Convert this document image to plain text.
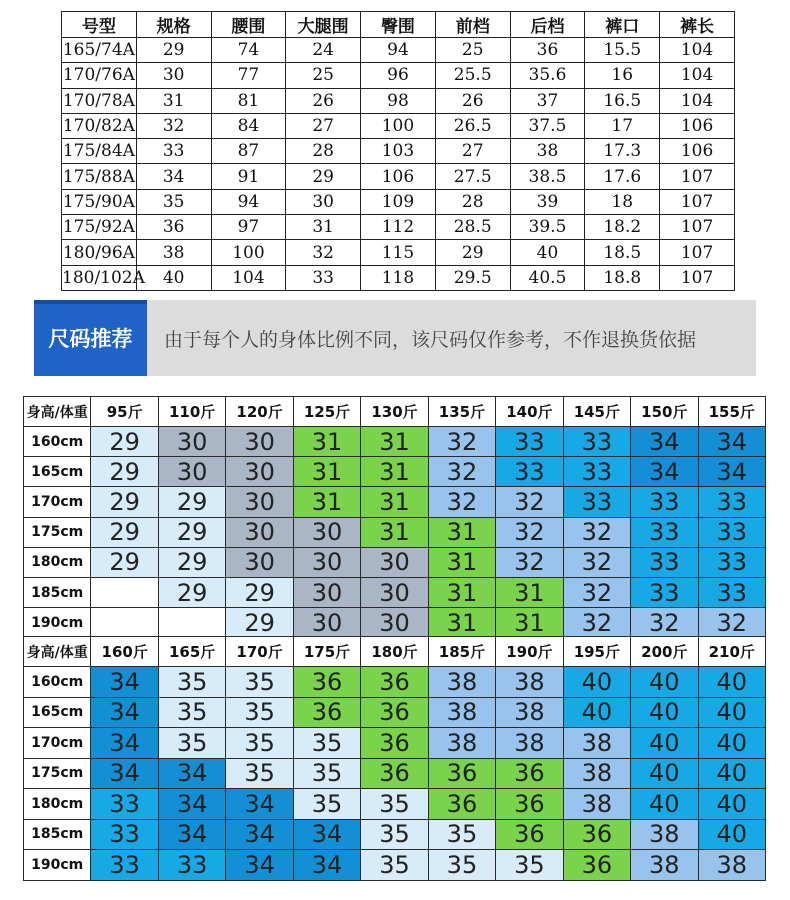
号型	规格	腰围	大腿围	臀围	前档	后档	裤口	裤长
165/74A	29	74	24	94	25	36	15.5	104
170/76A	30	77	25	96	25.5	35.6	16	104
170/78A	31	81	26	98	26	37	16.5	104
170/82A	32	84	27	100	26.5	37.5	17	106
175/84A	33	87	28	103	27	38	17.3	106
175/88A	34	91	29	106	27.5	38.5	17.6	107
175/90A	35	94	30	109	28	39	18	107
175/92A	36	97	31	112	28.5	39.5	18.2	107
180/96A	38	100	32	115	29	40	18.5	107
180/102A	40	104	33	118	29.5	40.5	18.8	107
尺码推荐	由于每个人的身体比例不同，该尺码仅作参考，不作退换货依据
身高/体重	95斤	110斤	120斤	125斤	130斤	135斤	140斤	145斤	150斤	155斤
160cm	29	30	30	31	31	32	33	33	34	34
165cm	29	30	30	31	31	32	33	33	34	34
170cm	29	29	30	31	31	32	32	33	33	33
175cm	29	29	30	30	31	31	32	32	33	33
180cm	29	29	30	30	30	31	32	32	33	33
185cm		29	29	30	30	31	31	32	33	33
190cm			29	30	30	31	31	32	32	32
身高/体重	160斤	165斤	170斤	175斤	180斤	185斤	190斤	195斤	200斤	210斤
160cm	34	35	35	36	36	38	38	40	40	40
165cm	34	35	35	36	36	38	38	40	40	40
170cm	34	35	35	35	36	38	38	38	40	40
175cm	34	34	35	35	36	36	36	38	40	40
180cm	33	34	34	35	35	36	36	38	40	40
185cm	33	34	34	34	35	35	36	36	38	40
190cm	33	33	34	34	35	35	35	36	38	38
